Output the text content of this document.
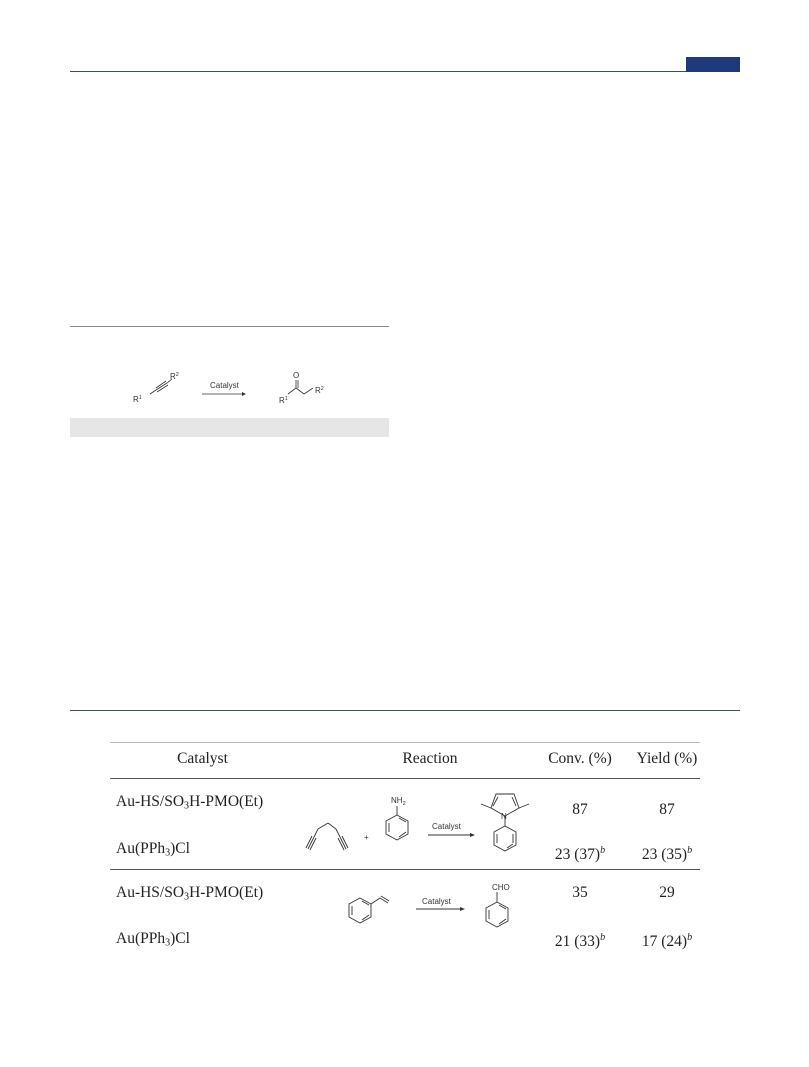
$R^1$
$R^2$
Catalyst
O
$R^1$
$R^2$
Catalyst	Reaction	Conv. (%)	Yield (%)
$Au-HS/SO_3H-PMO(Et)$	87	87
Au(PPh$_3$)Cl	23 $(37)^b$	23 $(35)^b$
$Au-HS/SO_3H-PMO(Et)$	35	29
Au(PPh$_3$)Cl	21 $(33)^b$	17 $(24)^b$
+
$NH_2$
Catalyst
N
Catalyst
CHO
